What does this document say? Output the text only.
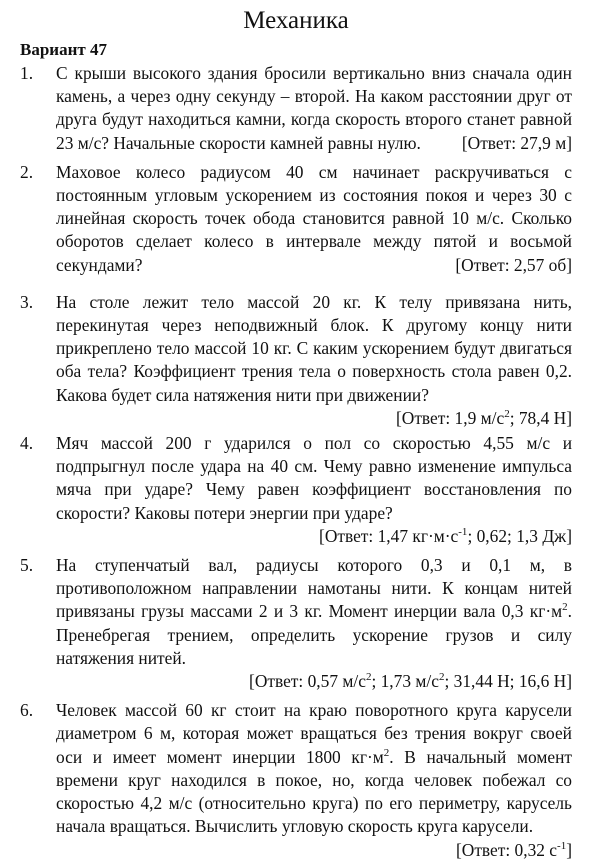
Механика
Вариант 47
1.	С крыши высокого здания бросили вертикально вниз сначала один камень, а через одну секунду – второй. На каком расстоянии друг от друга будут находиться камни, когда скорость второго станет равной 23 м/с? Начальные скорости камней равны нулю. [Ответ: 27,9 м]
2.	Маховое колесо радиусом 40 см начинает раскручиваться с постоянным угловым ускорением из состояния покоя и через 30 с линейная скорость точек обода становится равной 10 м/с. Сколько оборотов сделает колесо в интервале между пятой и восьмой секундами?	[Ответ: 2,57 об]
3.	На столе лежит тело массой 20 кг. К телу привязана нить, перекинутая через неподвижный блок. К другому концу нити прикреплено тело массой 10 кг. С каким ускорением будут двигаться оба тела? Коэффициент трения тела о поверхность стола равен 0,2. Какова будет сила натяжения нити при движении?
[Ответ: 1,9 $м/с^2$; 78,4 Н]
4.	Мяч массой 200 г ударился о пол со скоростью 4,55 м/с и подпрыгнул после удара на 40 см. Чему равно изменение импульса мяча при ударе? Чему равен коэффициент восстановления по скорости? Каковы потери энергии при ударе?
[Ответ: 1,47 $кг\cdot м\cdot с^{-1}$; 0,62; 1,3 Дж]
5.	На ступенчатый вал, радиусы которого 0,3 и 0,1 м, в противоположном направлении намотаны нити. К концам нитей привязаны грузы массами 2 и 3 кг. Момент инерции вала 0,3 $кг\cdot м^2$. Пренебрегая трением, определить ускорение грузов и силу натяжения нитей.
[Ответ: 0,57 $м/с^2$; 1,73 $м/с^2$; 31,44 Н; 16,6 Н]
6.	Человек массой 60 кг стоит на краю поворотного круга карусели диаметром 6 м, которая может вращаться без трения вокруг своей оси и имеет момент инерции 1800 $кг\cdot м^2$. В начальный момент времени круг находился в покое, но, когда человек побежал со скоростью 4,2 м/с (относительно круга) по его периметру, карусель начала вращаться. Вычислить угловую скорость круга карусели.
[Ответ: 0,32 $с^{-1}$]
